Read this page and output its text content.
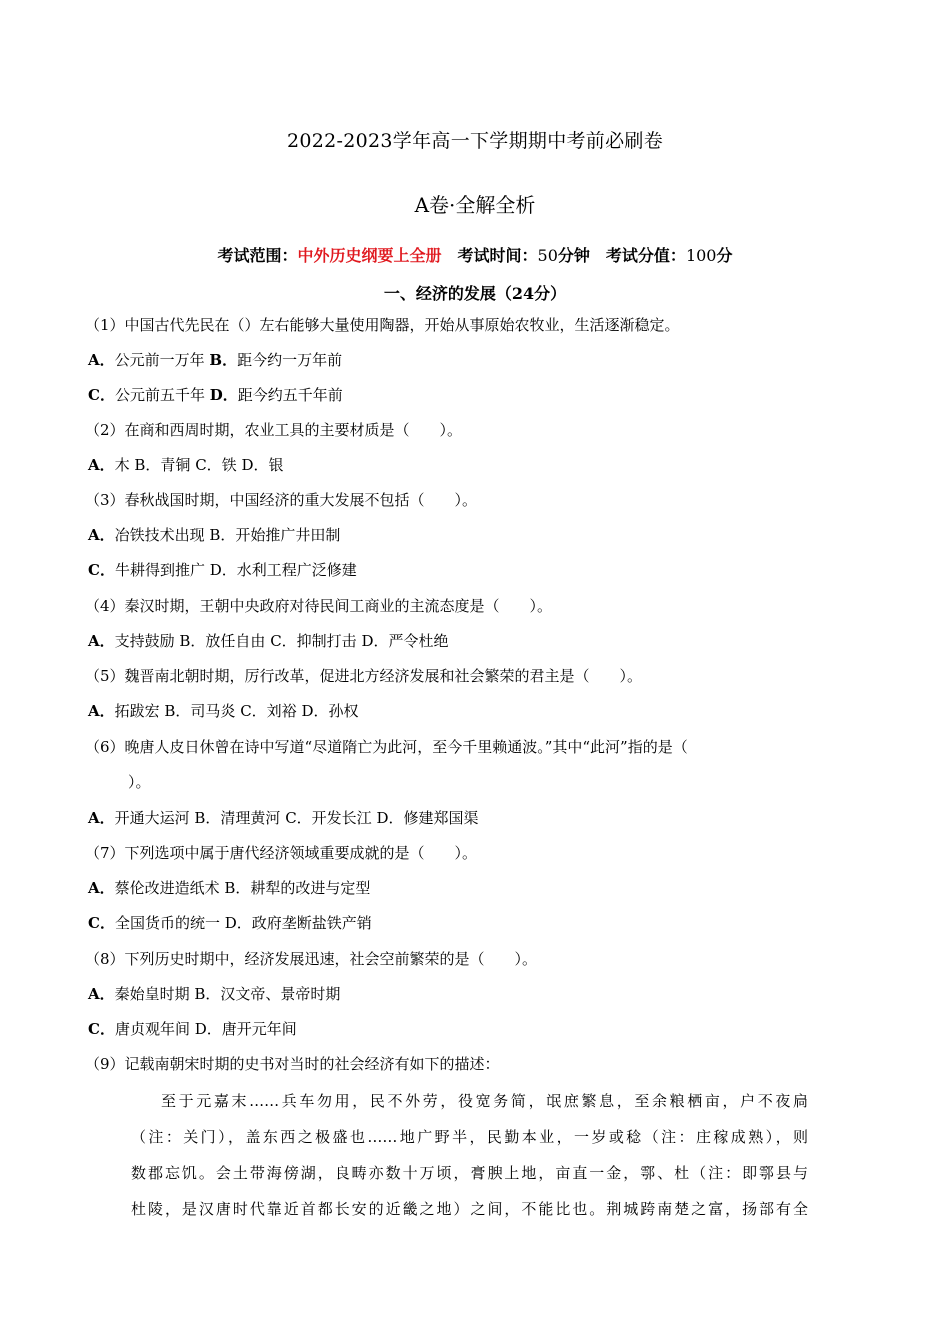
2022-2023学年高一下学期期中考前必刷卷
A卷·全解全析
考试范围：中外历史纲要上全册 考试时间：50分钟 考试分值：100分
一、经济的发展（24分）
（1）中国古代先民在（）左右能够大量使用陶器，开始从事原始农牧业，生活逐渐稳定。
A．公元前一万年 B．距今约一万年前
C．公元前五千年 D．距今约五千年前
（2）在商和西周时期，农业工具的主要材质是（　　）。
A．木 B．青铜 C．铁 D．银
（3）春秋战国时期，中国经济的重大发展不包括（　　）。
A．冶铁技术出现 B．开始推广井田制
C．牛耕得到推广 D．水利工程广泛修建
（4）秦汉时期，王朝中央政府对待民间工商业的主流态度是（　　）。
A．支持鼓励 B．放任自由 C．抑制打击 D．严令杜绝
（5）魏晋南北朝时期，厉行改革，促进北方经济发展和社会繁荣的君主是（　　）。
A．拓跋宏 B．司马炎 C．刘裕 D．孙权
（6）晚唐人皮日休曾在诗中写道“尽道隋亡为此河，至今千里赖通波。”其中“此河”指的是（
）。
A．开通大运河 B．清理黄河 C．开发长江 D．修建郑国渠
（7）下列选项中属于唐代经济领域重要成就的是（　　）。
A．蔡伦改进造纸术 B．耕犁的改进与定型
C．全国货币的统一 D．政府垄断盐铁产销
（8）下列历史时期中，经济发展迅速，社会空前繁荣的是（　　）。
A．秦始皇时期 B．汉文帝、景帝时期
C．唐贞观年间 D．唐开元年间
（9）记载南朝宋时期的史书对当时的社会经济有如下的描述：
至于元嘉末……兵车勿用，民不外劳，役宽务简，氓庶繁息，至余粮栖亩，户不夜扃
（注：关门），盖东西之极盛也……地广野半，民勤本业，一岁或稔（注：庄稼成熟），则
数郡忘饥。会土带海傍湖，良畴亦数十万顷，膏腴上地，亩直一金，鄠、杜（注：即鄠县与
杜陵，是汉唐时代靠近首都长安的近畿之地）之间，不能比也。荆城跨南楚之富，扬部有全
